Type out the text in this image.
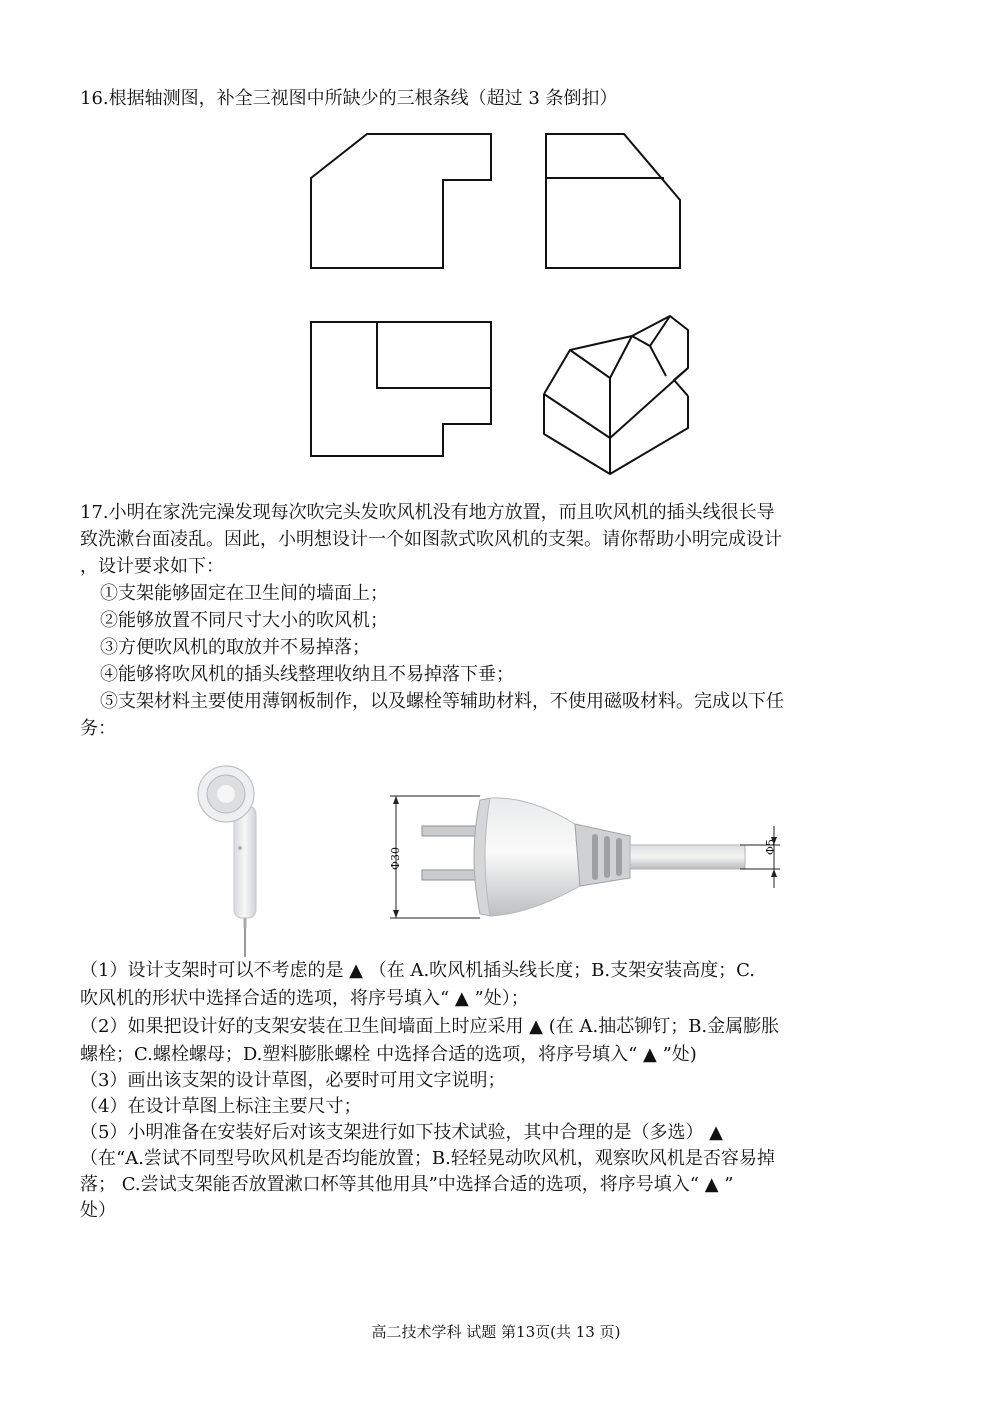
16.根据轴测图，补全三视图中所缺少的三根条线（超过 3 条倒扣）
17.小明在家洗完澡发现每次吹完头发吹风机没有地方放置，而且吹风机的插头线很长导
致洗漱台面凌乱。因此，小明想设计一个如图款式吹风机的支架。请你帮助小明完成设计
，设计要求如下：
①支架能够固定在卫生间的墙面上；
②能够放置不同尺寸大小的吹风机；
③方便吹风机的取放并不易掉落；
④能够将吹风机的插头线整理收纳且不易掉落下垂；
⑤支架材料主要使用薄钢板制作，以及螺栓等辅助材料，不使用磁吸材料。完成以下任
务：
Φ30	Φ5
（1）设计支架时可以不考虑的是 ▲ （在 A.吹风机插头线长度；B.支架安装高度；C.
吹风机的形状中选择合适的选项，将序号填入“ ▲ ”处）；
（2）如果把设计好的支架安装在卫生间墙面上时应采用 ▲ (在 A.抽芯铆钉；B.金属膨胀
螺栓；C.螺栓螺母；D.塑料膨胀螺栓 中选择合适的选项，将序号填入“ ▲ ”处)
（3）画出该支架的设计草图，必要时可用文字说明；
（4）在设计草图上标注主要尺寸；
（5）小明准备在安装好后对该支架进行如下技术试验，其中合理的是（多选） ▲
（在“A.尝试不同型号吹风机是否均能放置；B.轻轻晃动吹风机，观察吹风机是否容易掉
落； C.尝试支架能否放置漱口杯等其他用具”中选择合适的选项，将序号填入“ ▲ ”
处）
高二技术学科 试题 第13页(共 13 页)
